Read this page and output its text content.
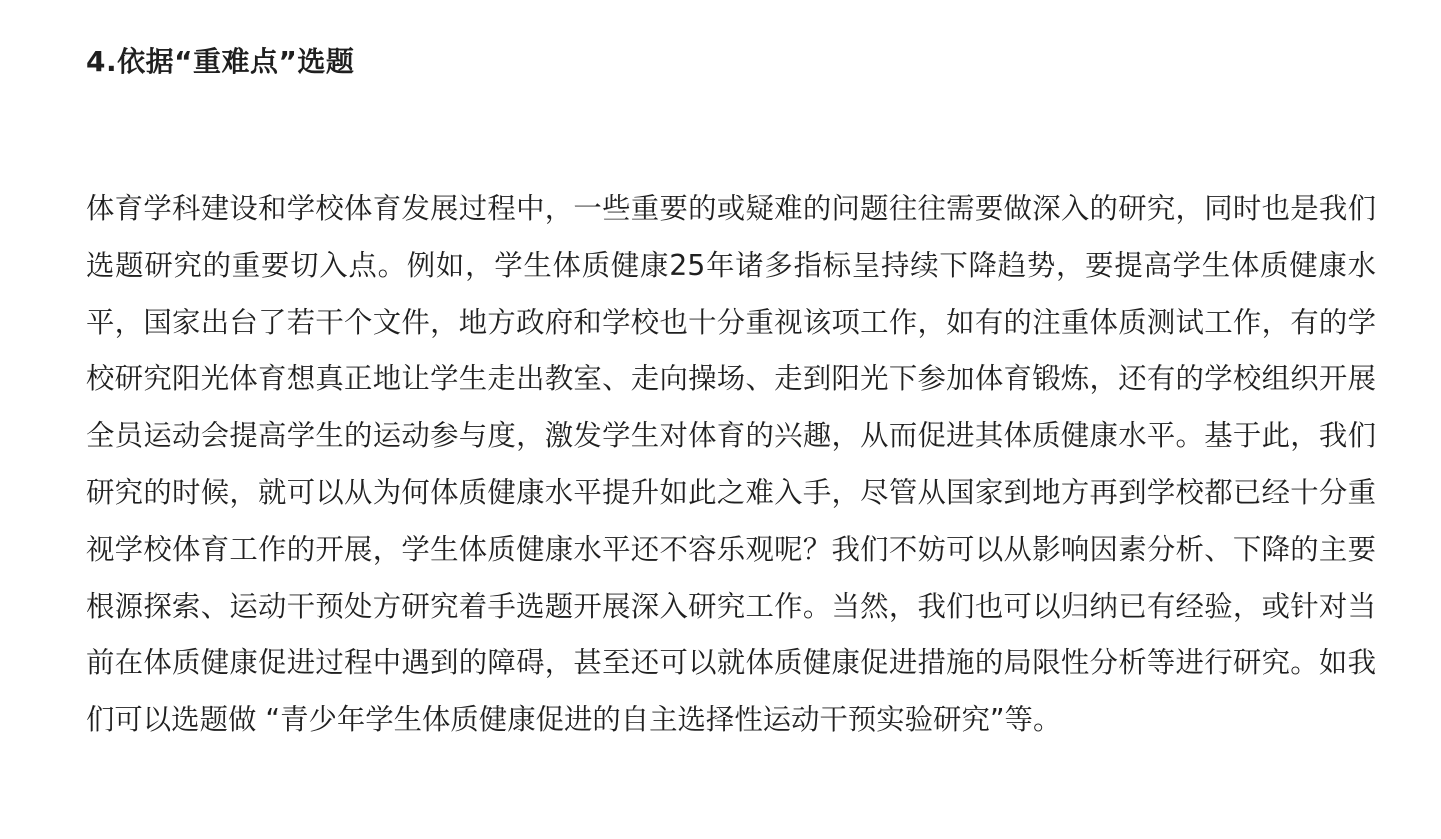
4.依据“重难点”选题

体育学科建设和学校体育发展过程中，一些重要的或疑难的问题往往需要做深入的研究，同时也是我们选题研究的重要切入点。例如，学生体质健康25年诸多指标呈持续下降趋势，要提高学生体质健康水平，国家出台了若干个文件，地方政府和学校也十分重视该项工作，如有的注重体质测试工作，有的学校研究阳光体育想真正地让学生走出教室、走向操场、走到阳光下参加体育锻炼，还有的学校组织开展全员运动会提高学生的运动参与度，激发学生对体育的兴趣，从而促进其体质健康水平。基于此，我们研究的时候，就可以从为何体质健康水平提升如此之难入手，尽管从国家到地方再到学校都已经十分重视学校体育工作的开展，学生体质健康水平还不容乐观呢？我们不妨可以从影响因素分析、下降的主要根源探索、运动干预处方研究着手选题开展深入研究工作。当然，我们也可以归纳已有经验，或针对当前在体质健康促进过程中遇到的障碍，甚至还可以就体质健康促进措施的局限性分析等进行研究。如我们可以选题做 “青少年学生体质健康促进的自主选择性运动干预实验研究”等。
